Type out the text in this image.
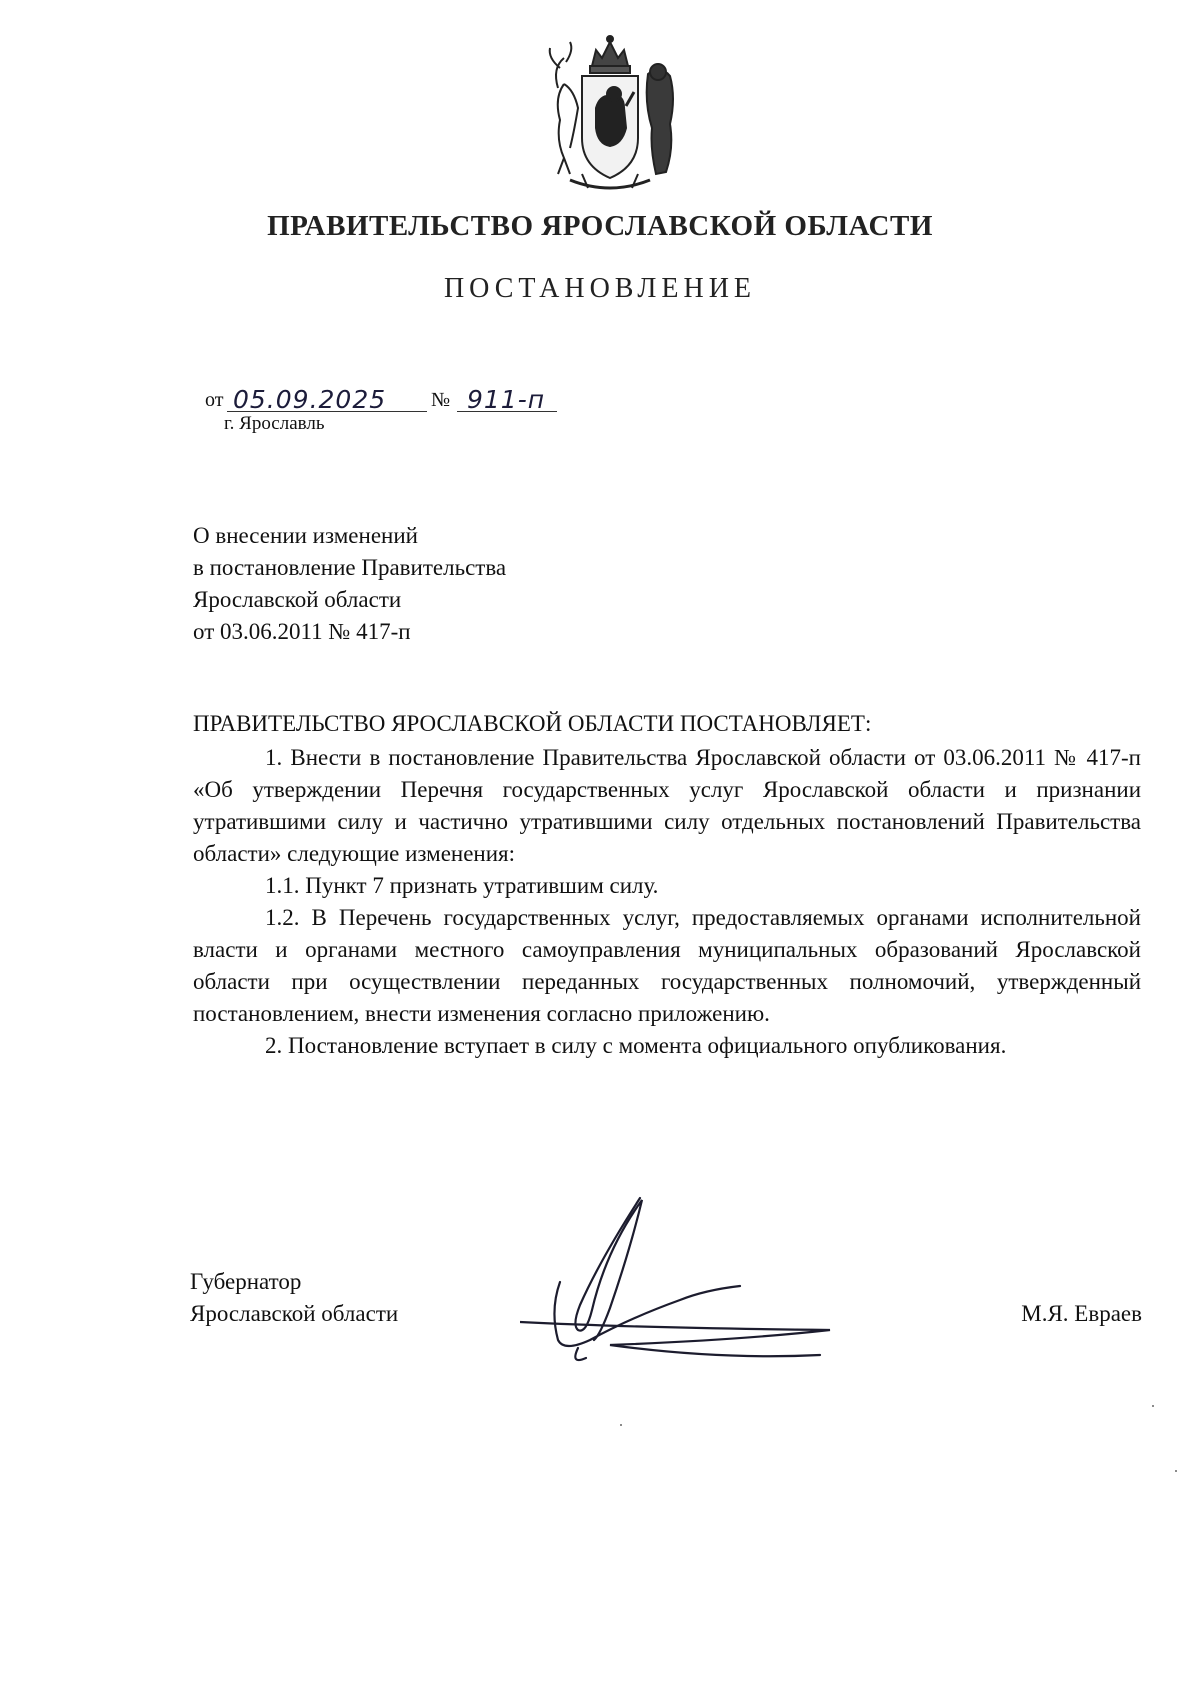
ПРАВИТЕЛЬСТВО ЯРОСЛАВСКОЙ ОБЛАСТИ
ПОСТАНОВЛЕНИЕ
от 05.09.2025 № 911-п
г. Ярославль
О внесении изменений
в постановление Правительства
Ярославской области
от 03.06.2011 № 417-п

ПРАВИТЕЛЬСТВО ЯРОСЛАВСКОЙ ОБЛАСТИ ПОСТАНОВЛЯЕТ:

1. Внести в постановление Правительства Ярославской области от 03.06.2011 № 417-п «Об утверждении Перечня государственных услуг Ярославской области и признании утратившими силу и частично утратившими силу отдельных постановлений Правительства области» следующие изменения:

1.1. Пункт 7 признать утратившим силу.

1.2. В Перечень государственных услуг, предоставляемых органами исполнительной власти и органами местного самоуправления муниципальных образований Ярославской области при осуществлении переданных государственных полномочий, утвержденный постановлением, внести изменения согласно приложению.

2. Постановление вступает в силу с момента официального опубликования.

Губернатор
Ярославской области	М.Я. Евраев
